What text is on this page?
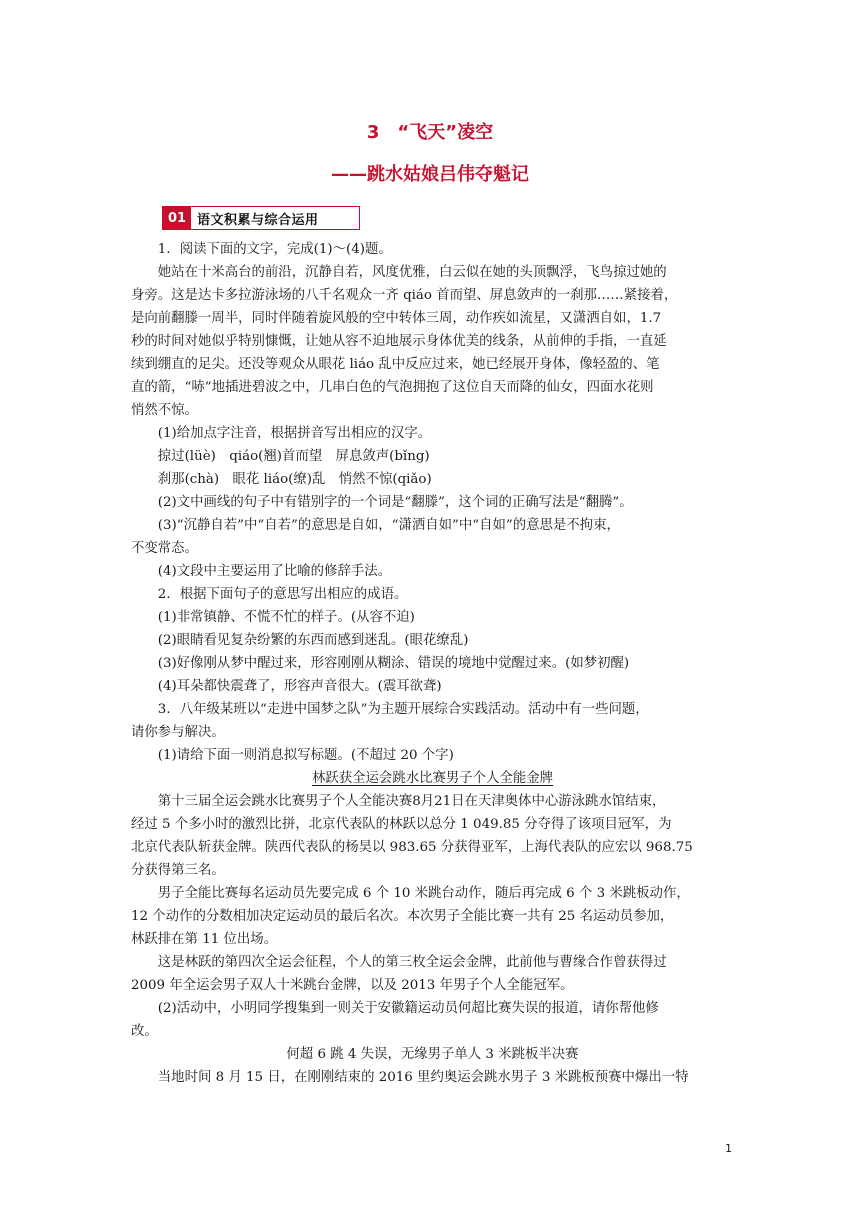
3　“飞天”凌空
——跳水姑娘吕伟夺魁记
01 语文积累与综合运用

1．阅读下面的文字，完成(1)～(4)题。

她站在十米高台的前沿，沉静自若，风度优雅，白云似在她的头顶飘浮，飞鸟掠过她的

身旁。这是达卡多拉游泳场的八千名观众一齐 qiáo 首而望、屏息敛声的一刹那……紧接着，

是向前翻滕一周半，同时伴随着旋风般的空中转体三周，动作疾如流星，又潇洒自如，1.7

秒的时间对她似乎特别慷慨，让她从容不迫地展示身体优美的线条，从前伸的手指，一直延

续到绷直的足尖。还没等观众从眼花 liáo 乱中反应过来，她已经展开身体，像轻盈的、笔

直的箭，“哧”地插进碧波之中，几串白色的气泡拥抱了这位自天而降的仙女，四面水花则

悄然不惊。

(1)给加点字注音，根据拼音写出相应的汉字。

掠过(lüè)　qiáo(翘)首而望　屏息敛声(bǐng)

刹那(chà)　眼花 liáo(缭)乱　悄然不惊(qiǎo)

(2)文中画线的句子中有错别字的一个词是“翻滕”，这个词的正确写法是“翻腾”。

(3)“沉静自若”中“自若”的意思是自如，“潇洒自如”中“自如”的意思是不拘束，

不变常态。

(4)文段中主要运用了比喻的修辞手法。

2．根据下面句子的意思写出相应的成语。

(1)非常镇静、不慌不忙的样子。(从容不迫)

(2)眼睛看见复杂纷繁的东西而感到迷乱。(眼花缭乱)

(3)好像刚从梦中醒过来，形容刚刚从糊涂、错误的境地中觉醒过来。(如梦初醒)

(4)耳朵都快震聋了，形容声音很大。(震耳欲聋)

3．八年级某班以“走进中国梦之队”为主题开展综合实践活动。活动中有一些问题，

请你参与解决。

(1)请给下面一则消息拟写标题。(不超过 20 个字)

林跃获全运会跳水比赛男子个人全能金牌

第十三届全运会跳水比赛男子个人全能决赛8月21日在天津奥体中心游泳跳水馆结束，

经过 5 个多小时的激烈比拼，北京代表队的林跃以总分 1 049.85 分夺得了该项目冠军，为

北京代表队斩获金牌。陕西代表队的杨昊以 983.65 分获得亚军，上海代表队的应宏以 968.75

分获得第三名。

男子全能比赛每名运动员先要完成 6 个 10 米跳台动作，随后再完成 6 个 3 米跳板动作，

12 个动作的分数相加决定运动员的最后名次。本次男子全能比赛一共有 25 名运动员参加，

林跃排在第 11 位出场。

这是林跃的第四次全运会征程，个人的第三枚全运会金牌，此前他与曹缘合作曾获得过

2009 年全运会男子双人十米跳台金牌，以及 2013 年男子个人全能冠军。

(2)活动中，小明同学搜集到一则关于安徽籍运动员何超比赛失误的报道，请你帮他修

改。

何超 6 跳 4 失误，无缘男子单人 3 米跳板半决赛

当地时间 8 月 15 日，在刚刚结束的 2016 里约奥运会跳水男子 3 米跳板预赛中爆出一特

1
